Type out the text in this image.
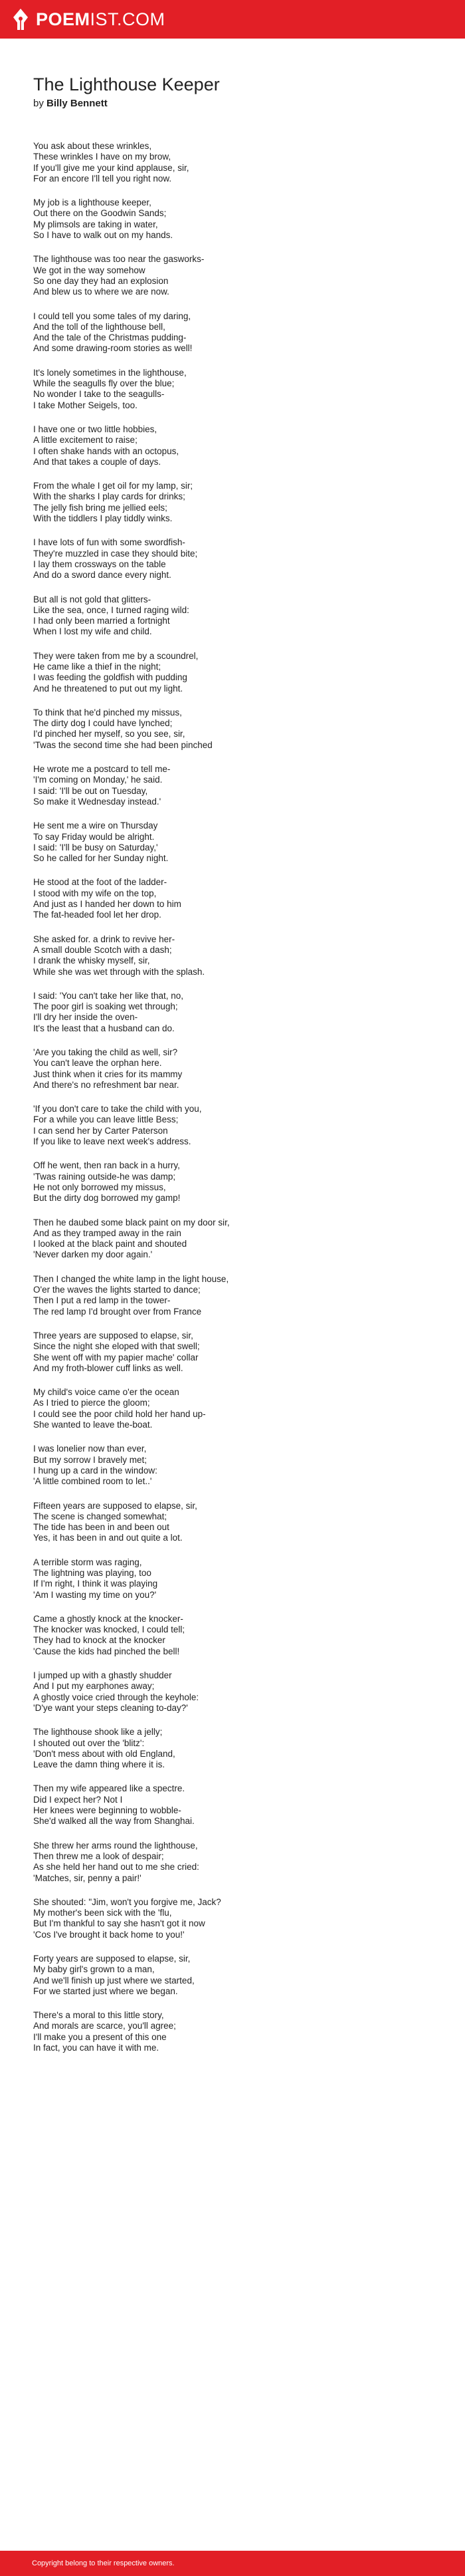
POEMIST.COM
The Lighthouse Keeper
by Billy Bennett
You ask about these wrinkles,
These wrinkles I have on my brow,
If you'll give me your kind applause, sir,
For an encore I'll tell you right now.
My job is a lighthouse keeper,
Out there on the Goodwin Sands;
My plimsols are taking in water,
So I have to walk out on my hands.
The lighthouse was too near the gasworks-
We got in the way somehow
So one day they had an explosion
And blew us to where we are now.
I could tell you some tales of my daring,
And the toll of the lighthouse bell,
And the tale of the Christmas pudding-
And some drawing-room stories as well!
It's lonely sometimes in the lighthouse,
While the seagulls fly over the blue;
No wonder I take to the seagulls-
I take Mother Seigels, too.
I have one or two little hobbies,
A little excitement to raise;
I often shake hands with an octopus,
And that takes a couple of days.
From the whale I get oil for my lamp, sir;
With the sharks I play cards for drinks;
The jelly fish bring me jellied eels;
With the tiddlers I play tiddly winks.
I have lots of fun with some swordfish-
They're muzzled in case they should bite;
I lay them crossways on the table
And do a sword dance every night.
But all is not gold that glitters-
Like the sea, once, I turned raging wild:
I had only been married a fortnight
When I lost my wife and child.
They were taken from me by a scoundrel,
He came like a thief in the night;
I was feeding the goldfish with pudding
And he threatened to put out my light.
To think that he'd pinched my missus,
The dirty dog I could have lynched;
I'd pinched her myself, so you see, sir,
'Twas the second time she had been pinched
He wrote me a postcard to tell me-
'I'm coming on Monday,' he said.
I said: 'I'll be out on Tuesday,
So make it Wednesday instead.'
He sent me a wire on Thursday
To say Friday would be alright.
I said: 'I'll be busy on Saturday,'
So he called for her Sunday night.
He stood at the foot of the ladder-
I stood with my wife on the top,
And just as I handed her down to him
The fat-headed fool let her drop.
She asked for. a drink to revive her-
A small double Scotch with a dash;
I drank the whisky myself, sir,
While she was wet through with the splash.
I said: 'You can't take her like that, no,
The poor girl is soaking wet through;
I'll dry her inside the oven-
It's the least that a husband can do.
'Are you taking the child as well, sir?
You can't leave the orphan here.
Just think when it cries for its mammy
And there's no refreshment bar near.
'If you don't care to take the child with you,
For a while you can leave little Bess;
I can send her by Carter Paterson
If you like to leave next week's address.
Off he went, then ran back in a hurry,
'Twas raining outside-he was damp;
He not only borrowed my missus,
But the dirty dog borrowed my gamp!
Then he daubed some black paint on my door sir,
And as they tramped away in the rain
I looked at the black paint and shouted
'Never darken my door again.'
Then I changed the white lamp in the light house,
O'er the waves the lights started to dance;
Then I put a red lamp in the tower-
The red lamp I'd brought over from France
Three years are supposed to elapse, sir,
Since the night she eloped with that swell;
She went off with my papier mache' collar
And my froth-blower cuff links as well.
My child's voice came o'er the ocean
As I tried to pierce the gloom;
I could see the poor child hold her hand up-
She wanted to leave the-boat.
I was lonelier now than ever,
But my sorrow I bravely met;
I hung up a card in the window:
'A little combined room to let..'
Fifteen years are supposed to elapse, sir,
The scene is changed somewhat;
The tide has been in and been out
Yes, it has been in and out quite a lot.
A terrible storm was raging,
The lightning was playing, too
If I'm right, I think it was playing
'Am I wasting my time on you?'
Came a ghostly knock at the knocker-
The knocker was knocked, I could tell;
They had to knock at the knocker
'Cause the kids had pinched the bell!
I jumped up with a ghastly shudder
And I put my earphones away;
A ghostly voice cried through the keyhole:
'D'ye want your steps cleaning to-day?'
The lighthouse shook like a jelly;
I shouted out over the 'blitz':
'Don't mess about with old England,
Leave the damn thing where it is.
Then my wife appeared like a spectre.
Did I expect her? Not I
Her knees were beginning to wobble-
She'd walked all the way from Shanghai.
She threw her arms round the lighthouse,
Then threw me a look of despair;
As she held her hand out to me she cried:
'Matches, sir, penny a pair!'
She shouted: "Jim, won't you forgive me, Jack?
My mother's been sick with the 'flu,
But I'm thankful to say she hasn't got it now
'Cos I've brought it back home to you!'
Forty years are supposed to elapse, sir,
My baby girl's grown to a man,
And we'll finish up just where we started,
For we started just where we began.
There's a moral to this little story,
And morals are scarce, you'll agree;
I'll make you a present of this one
In fact, you can have it with me.
Copyright belong to their respective owners.
